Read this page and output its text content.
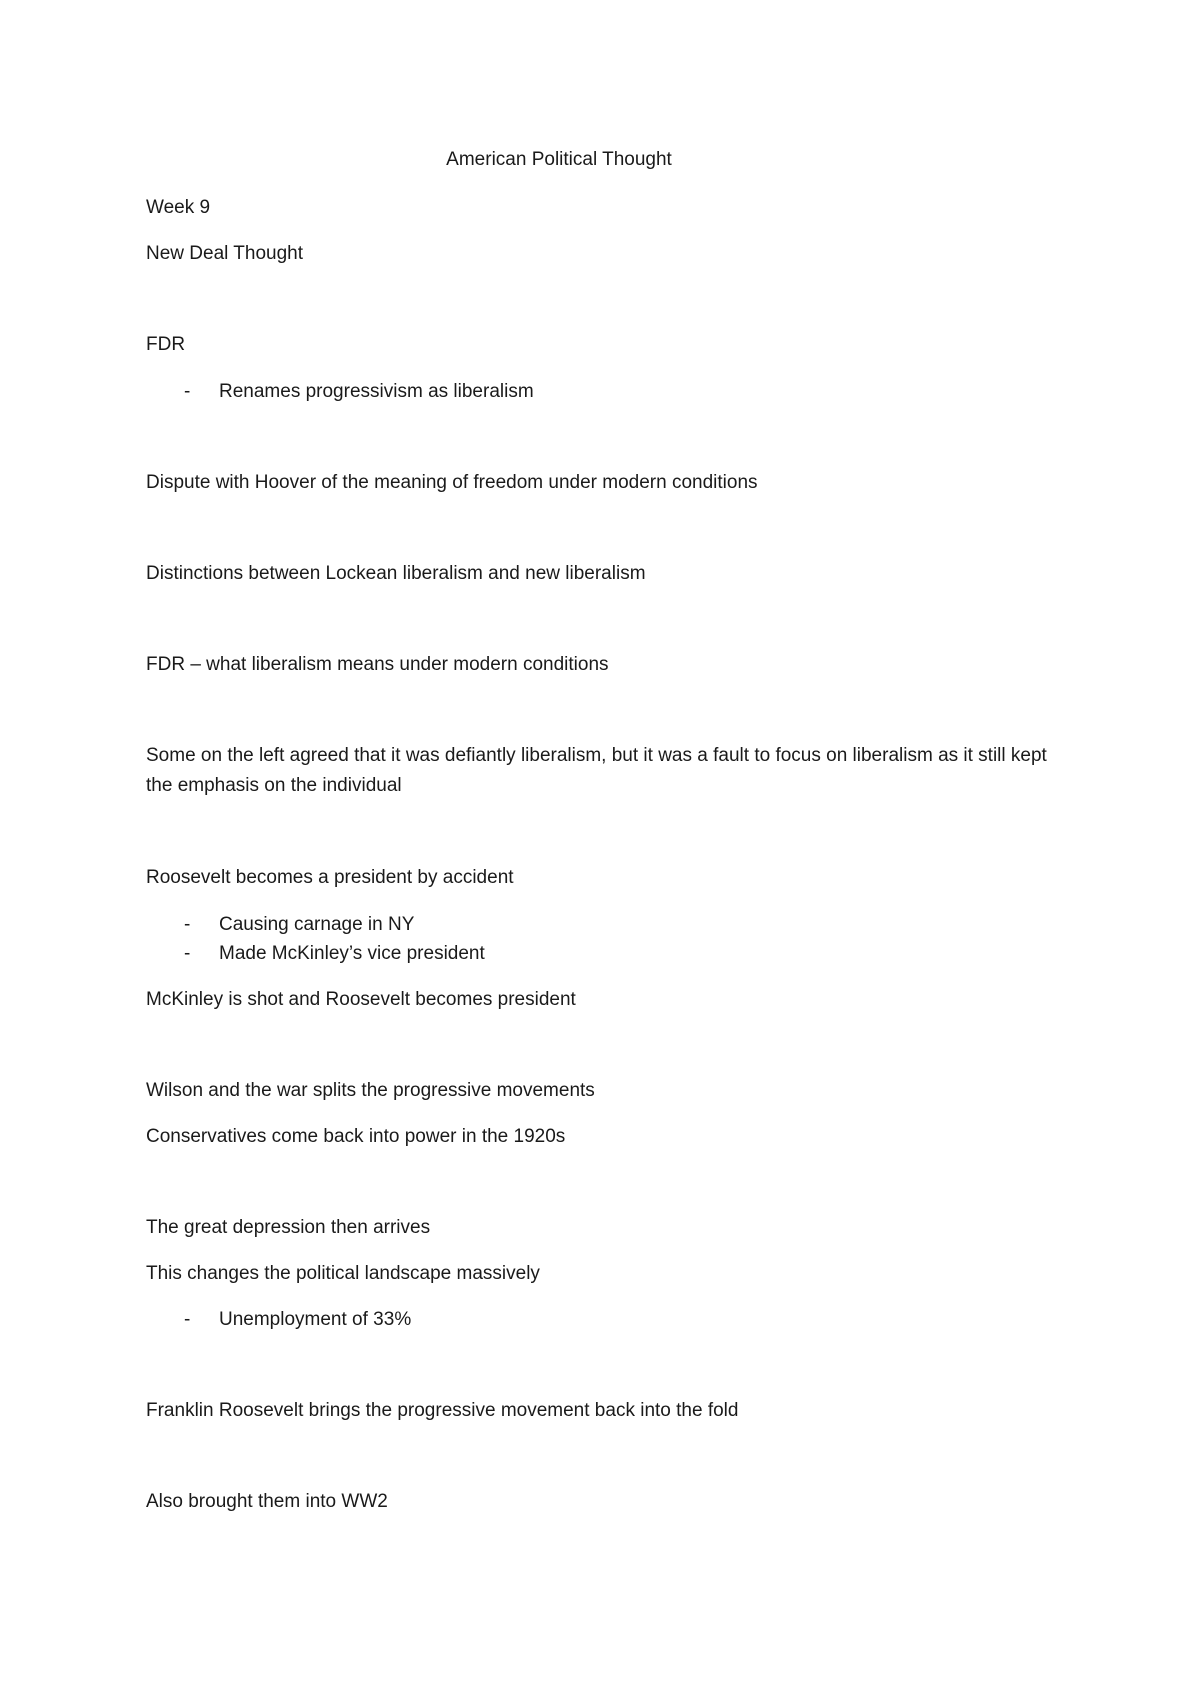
American Political Thought
Week 9
New Deal Thought
FDR
- Renames progressivism as liberalism
Dispute with Hoover of the meaning of freedom under modern conditions
Distinctions between Lockean liberalism and new liberalism
FDR – what liberalism means under modern conditions
Some on the left agreed that it was defiantly liberalism, but it was a fault to focus on liberalism as it still kept the emphasis on the individual
Roosevelt becomes a president by accident
- Causing carnage in NY
- Made McKinley’s vice president
McKinley is shot and Roosevelt becomes president
Wilson and the war splits the progressive movements
Conservatives come back into power in the 1920s
The great depression then arrives
This changes the political landscape massively
- Unemployment of 33%
Franklin Roosevelt brings the progressive movement back into the fold
Also brought them into WW2
